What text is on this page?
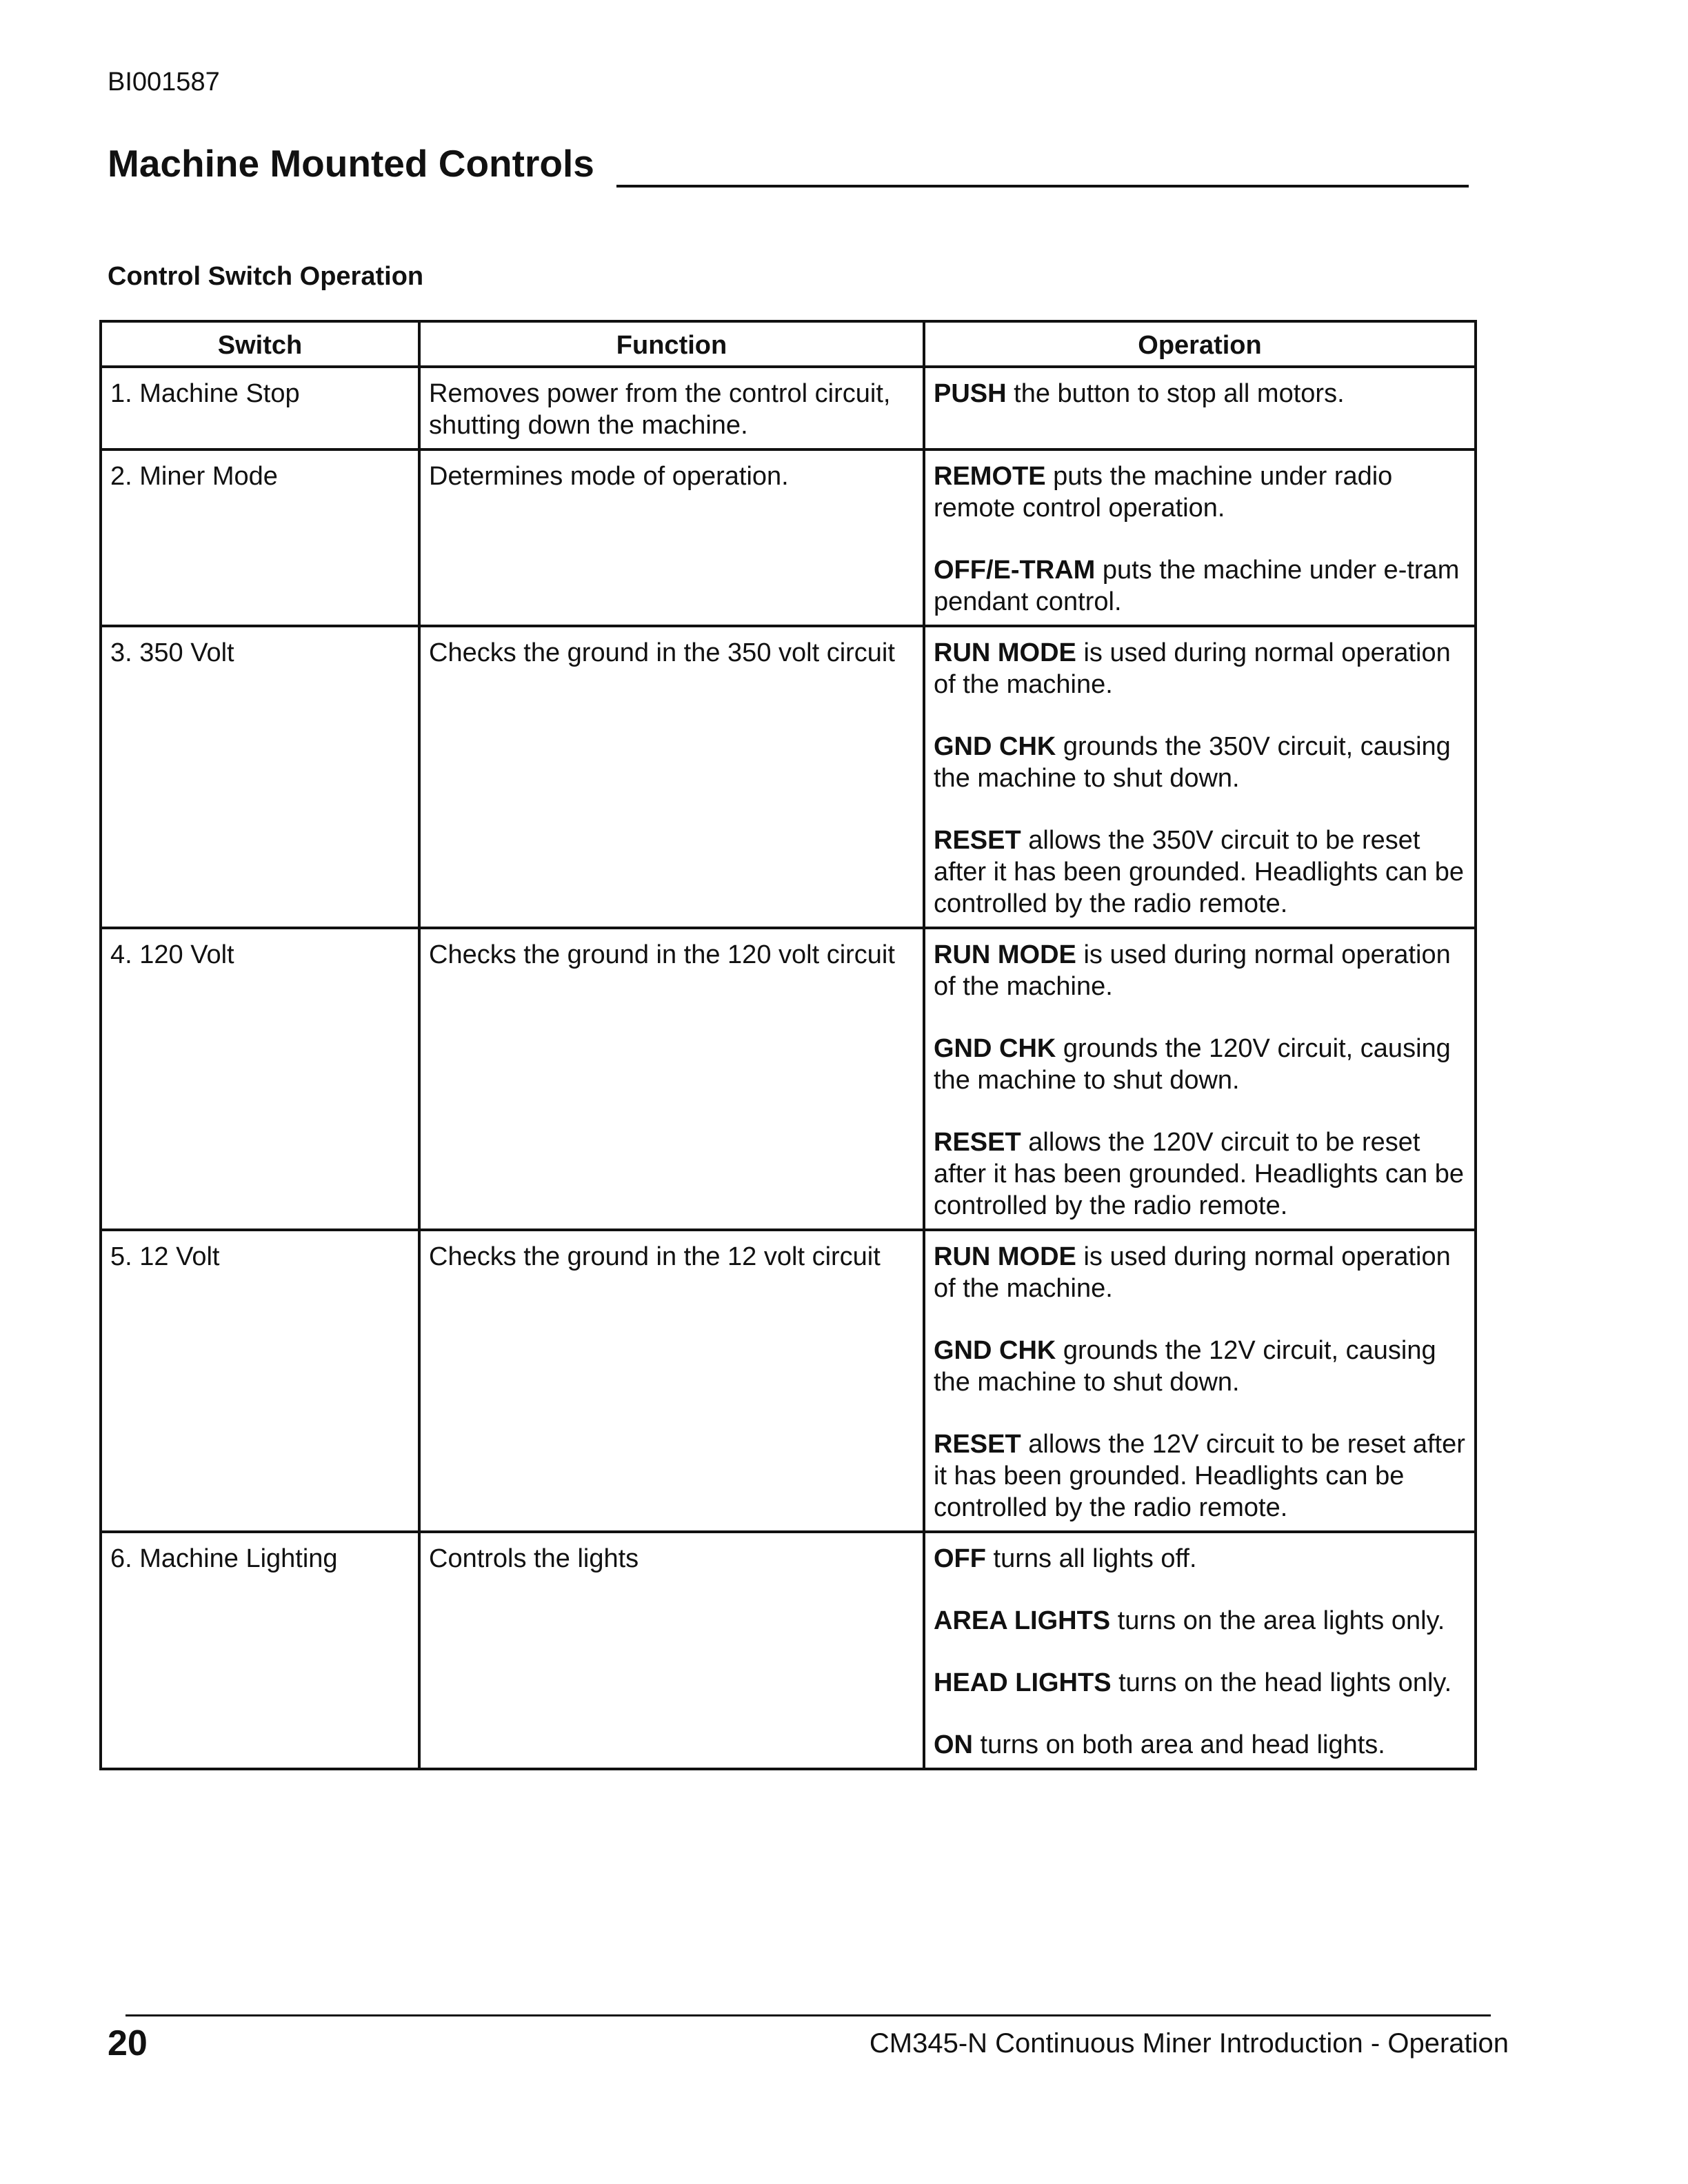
BI001587
Machine Mounted Controls
Control Switch Operation
Switch	Function	Operation
1. Machine Stop	Removes power from the control circuit, shutting down the machine.	PUSH the button to stop all motors.

2. Miner Mode	Determines mode of operation.	REMOTE puts the machine under radio remote control operation.
OFF/E-TRAM puts the machine under e-tram pendant control.

3. 350 Volt	Checks the ground in the 350 volt circuit	RUN MODE is used during normal operation of the machine.
GND CHK grounds the 350V circuit, causing the machine to shut down.
RESET allows the 350V circuit to be reset after it has been grounded. Headlights can be controlled by the radio remote.

4. 120 Volt	Checks the ground in the 120 volt circuit	RUN MODE is used during normal operation of the machine.
GND CHK grounds the 120V circuit, causing the machine to shut down.
RESET allows the 120V circuit to be reset after it has been grounded. Headlights can be controlled by the radio remote.

5. 12 Volt	Checks the ground in the 12 volt circuit	RUN MODE is used during normal operation of the machine.
GND CHK grounds the 12V circuit, causing the machine to shut down.
RESET allows the 12V circuit to be reset after it has been grounded. Headlights can be controlled by the radio remote.

6. Machine Lighting	Controls the lights	OFF turns all lights off.
AREA LIGHTS turns on the area lights only.
HEAD LIGHTS turns on the head lights only.
ON turns on both area and head lights.
20	CM345-N Continuous Miner Introduction - Operation
